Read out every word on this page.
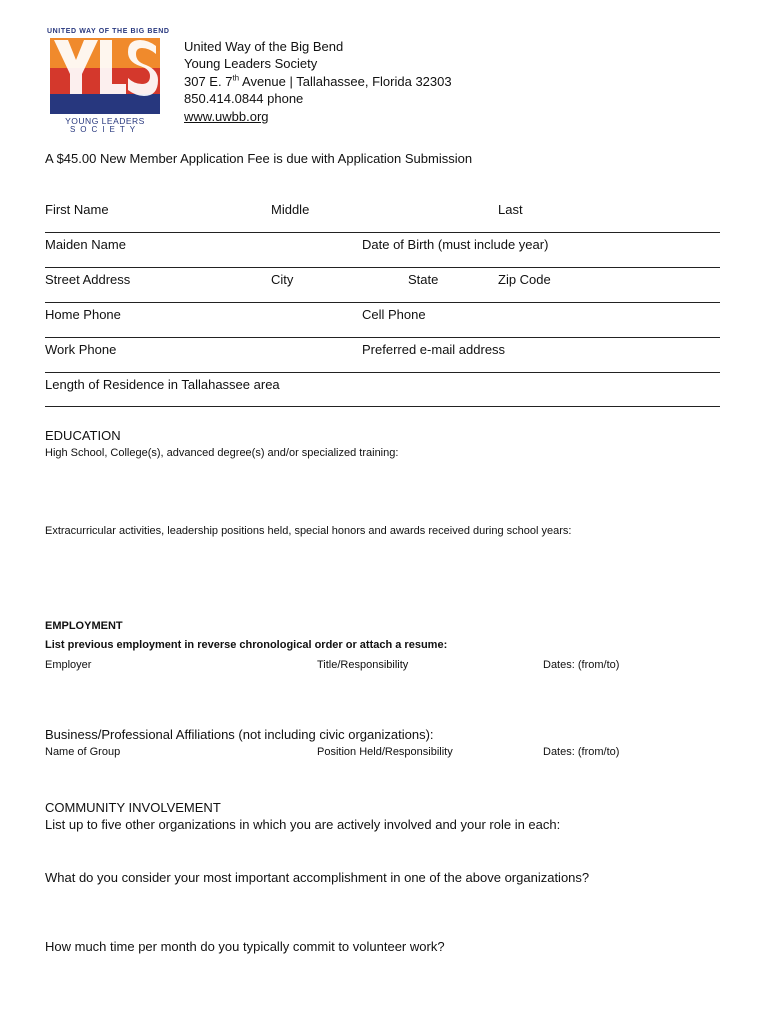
UNITED WAY OF THE BIG BEND
YOUNG LEADERS
SOCIETY
United Way of the Big Bend
Young Leaders Society
307 E. 7th Avenue | Tallahassee, Florida 32303
850.414.0844 phone
www.uwbb.org
A $45.00 New Member Application Fee is due with Application Submission
First Name	Middle	Last
Maiden Name	Date of Birth (must include year)
Street Address	City	State	Zip Code
Home Phone	Cell Phone
Work Phone	Preferred e-mail address
Length of Residence in Tallahassee area
EDUCATION
High School, College(s), advanced degree(s) and/or specialized training:
Extracurricular activities, leadership positions held, special honors and awards received during school years:
EMPLOYMENT
List previous employment in reverse chronological order or attach a resume:
Employer	Title/Responsibility	Dates: (from/to)
Business/Professional Affiliations (not including civic organizations):
Name of Group	Position Held/Responsibility	Dates: (from/to)
COMMUNITY INVOLVEMENT
List up to five other organizations in which you are actively involved and your role in each:
What do you consider your most important accomplishment in one of the above organizations?
How much time per month do you typically commit to volunteer work?
